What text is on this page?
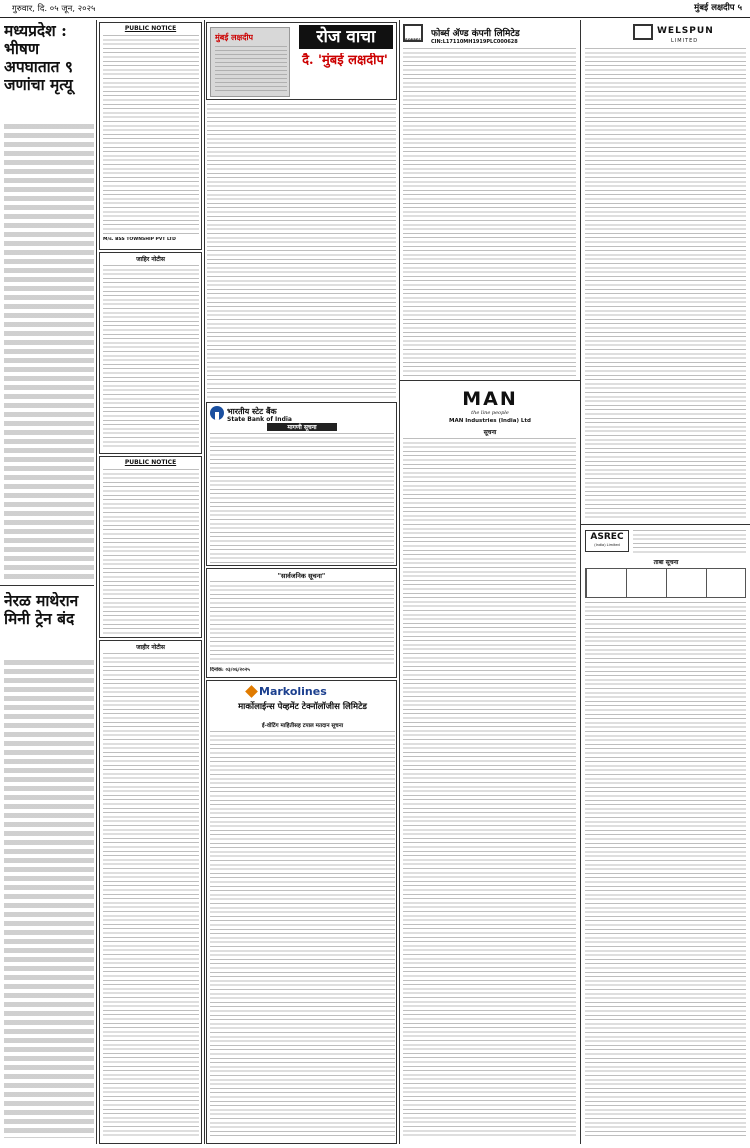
गुरुवार, दि. ०५ जून, २०२५	मुंबई लक्षदीप ५
मध्यप्रदेश : भीषण अपघातात ९ जणांचा मृत्यू
नेरळ माथेरान मिनी ट्रेन बंद
PUBLIC NOTICE
M/s. BSS TOWNSHIP PVT LTD
जाहिर नोटीस
PUBLIC NOTICE
जाहीर नोटीस
मुंबई लक्षदीप	रोज वाचा
दै. 'मुंबई लक्षदीप'
भारतीय स्टेट बैंक
State Bank of India
मागणी सूचना
"सार्वजनिक सूचना"
दिनांक: ०३/०६/२०२५
Markolines
मार्कोलाईन्स पेव्हमेंट टेक्नॉलॉजीस लिमिटेड
ई-वोटिंग माहितीसह टपाल मतदान सूचना
FORBES
फोर्ब्स ॲण्ड कंपनी लिमिटेड
CIN:L17110MH1919PLC000628
MAN
the line people
MAN Industries (India) Ltd
सूचना
WELSPUN
LIMITED
ASREC
(India) Limited
ताबा सूचना
